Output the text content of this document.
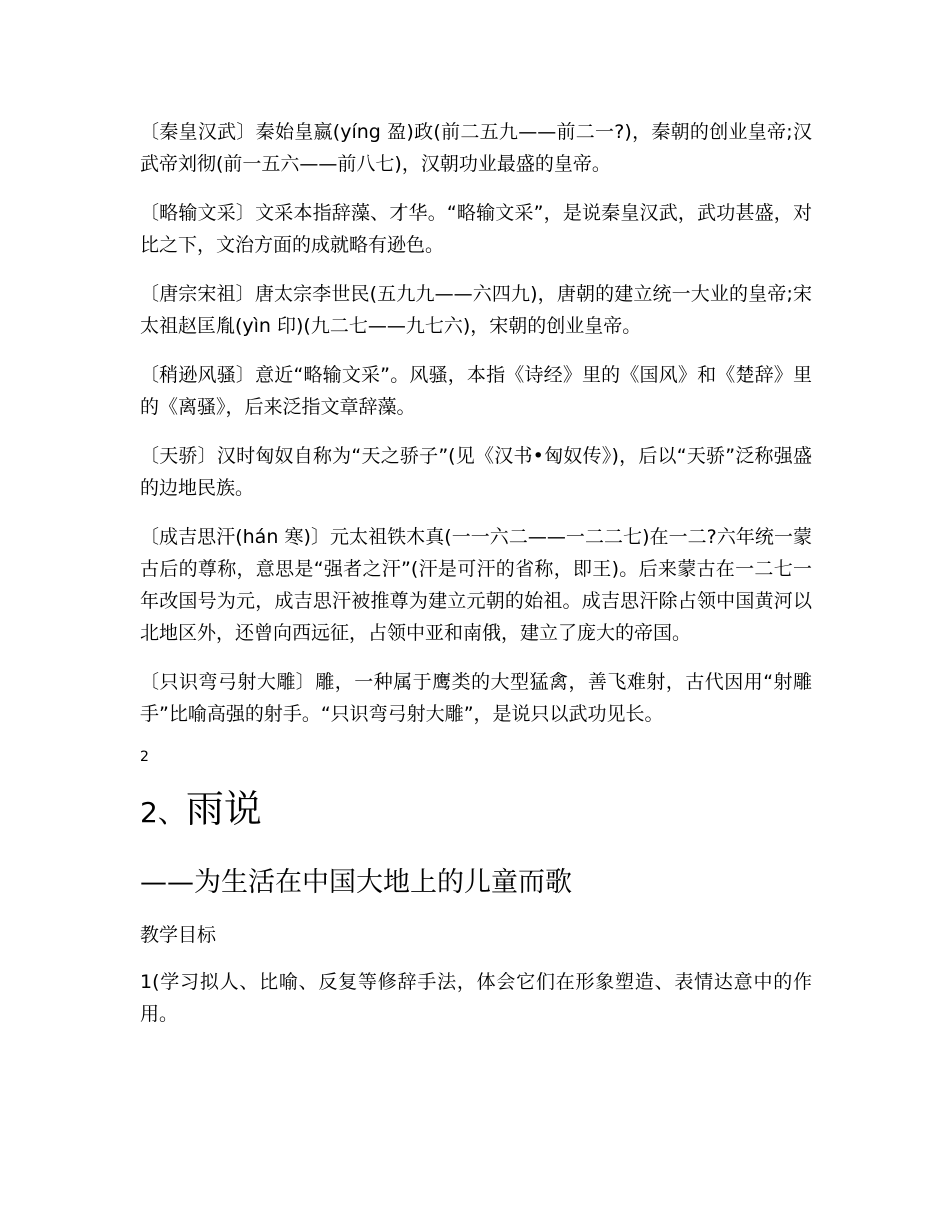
〔秦皇汉武〕秦始皇嬴(yíng 盈)政(前二五九——前二一?)，秦朝的创业皇帝;汉武帝刘彻(前一五六——前八七)，汉朝功业最盛的皇帝。

〔略输文采〕文采本指辞藻、才华。“略输文采”，是说秦皇汉武，武功甚盛，对比之下，文治方面的成就略有逊色。

〔唐宗宋祖〕唐太宗李世民(五九九——六四九)，唐朝的建立统一大业的皇帝;宋太祖赵匡胤(yìn 印)(九二七——九七六)，宋朝的创业皇帝。

〔稍逊风骚〕意近“略输文采”。风骚，本指《诗经》里的《国风》和《楚辞》里的《离骚》，后来泛指文章辞藻。

〔天骄〕汉时匈奴自称为“天之骄子”(见《汉书•匈奴传》)，后以“天骄”泛称强盛的边地民族。

〔成吉思汗(hán 寒)〕元太祖铁木真(一一六二——一二二七)在一二?六年统一蒙古后的尊称，意思是“强者之汗”(汗是可汗的省称，即王)。后来蒙古在一二七一年改国号为元，成吉思汗被推尊为建立元朝的始祖。成吉思汗除占领中国黄河以北地区外，还曾向西远征，占领中亚和南俄，建立了庞大的帝国。

〔只识弯弓射大雕〕雕，一种属于鹰类的大型猛禽，善飞难射，古代因用“射雕手”比喻高强的射手。“只识弯弓射大雕”，是说只以武功见长。

2
2、雨说
——为生活在中国大地上的儿童而歌
教学目标

1(学习拟人、比喻、反复等修辞手法，体会它们在形象塑造、表情达意中的作用。
